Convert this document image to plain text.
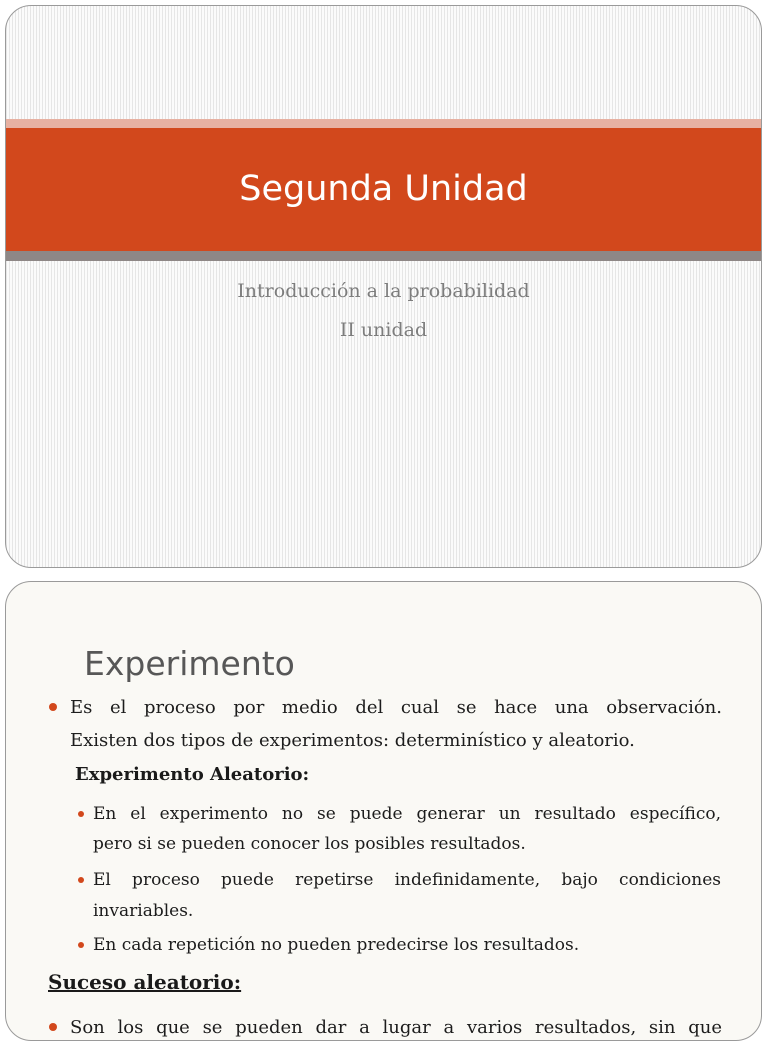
Segunda Unidad
Introducción a la probabilidad
II unidad
Experimento
Es el proceso por medio del cual se hace una observación.
Existen dos tipos de experimentos: determinístico y aleatorio.
Experimento Aleatorio:
En el experimento no se puede generar un resultado específico,
pero si se pueden conocer los posibles resultados.
El proceso puede repetirse indefinidamente, bajo condiciones
invariables.
En cada repetición no pueden predecirse los resultados.
Suceso aleatorio:
Son los que se pueden dar a lugar a varios resultados, sin que
